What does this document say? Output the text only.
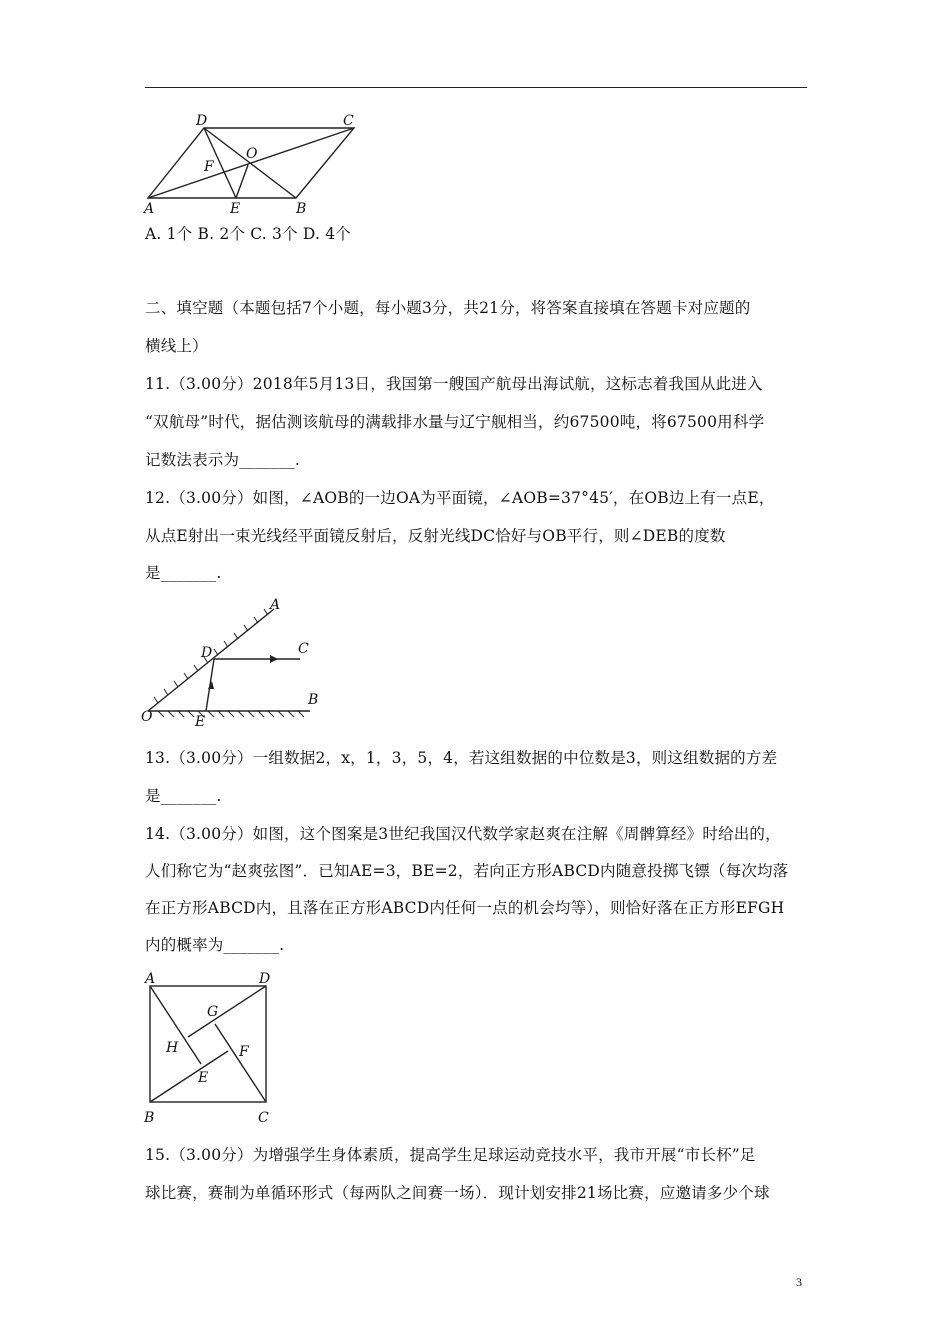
A	E	B
D	C
O
F
A. 1个 B. 2个 C. 3个 D. 4个
二、填空题（本题包括7个小题，每小题3分，共21分，将答案直接填在答题卡对应题的
横线上）
11.（3.00分）2018年5月13日，我国第一艘国产航母出海试航，这标志着我国从此进入
“双航母”时代，据估测该航母的满载排水量与辽宁舰相当，约67500吨，将67500用科学
记数法表示为_______.
12.（3.00分）如图，∠AOB的一边OA为平面镜，∠AOB=37°45′，在OB边上有一点E，
从点E射出一束光线经平面镜反射后，反射光线DC恰好与OB平行，则∠DEB的度数
是_______.
A
B
C
D
E
O
13.（3.00分）一组数据2，x，1，3，5，4，若这组数据的中位数是3，则这组数据的方差
是_______.
14.（3.00分）如图，这个图案是3世纪我国汉代数学家赵爽在注解《周髀算经》时给出的，
人们称它为“赵爽弦图”．已知AE=3，BE=2，若向正方形ABCD内随意投掷飞镖（每次均落
在正方形ABCD内，且落在正方形ABCD内任何一点的机会均等），则恰好落在正方形EFGH
内的概率为_______.
A	D
B	C
G
H	F
E
15.（3.00分）为增强学生身体素质，提高学生足球运动竞技水平，我市开展“市长杯”足
球比赛，赛制为单循环形式（每两队之间赛一场）．现计划安排21场比赛，应邀请多少个球
3
